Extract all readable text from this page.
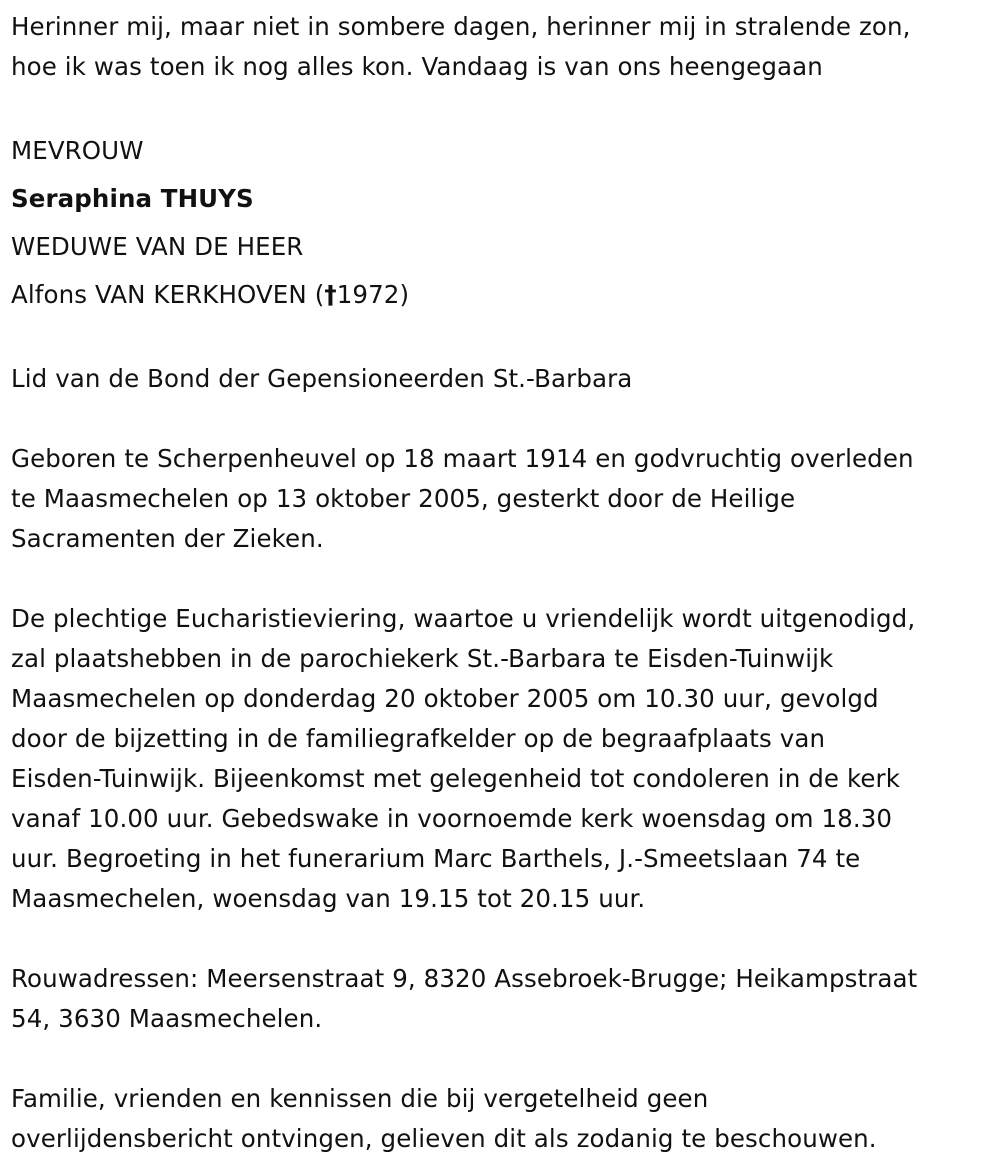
Herinner mij, maar niet in sombere dagen, herinner mij in stralende zon,

hoe ik was toen ik nog alles kon. Vandaag is van ons heengegaan

MEVROUW

Seraphina THUYS

WEDUWE VAN DE HEER

Alfons VAN KERKHOVEN (†1972)

Lid van de Bond der Gepensioneerden St.-Barbara

Geboren te Scherpenheuvel op 18 maart 1914 en godvruchtig overleden

te Maasmechelen op 13 oktober 2005, gesterkt door de Heilige

Sacramenten der Zieken.

De plechtige Eucharistieviering, waartoe u vriendelijk wordt uitgenodigd,

zal plaatshebben in de parochiekerk St.-Barbara te Eisden-Tuinwijk

Maasmechelen op donderdag 20 oktober 2005 om 10.30 uur, gevolgd

door de bijzetting in de familiegrafkelder op de begraafplaats van

Eisden-Tuinwijk. Bijeenkomst met gelegenheid tot condoleren in de kerk

vanaf 10.00 uur. Gebedswake in voornoemde kerk woensdag om 18.30

uur. Begroeting in het funerarium Marc Barthels, J.-Smeetslaan 74 te

Maasmechelen, woensdag van 19.15 tot 20.15 uur.

Rouwadressen: Meersenstraat 9, 8320 Assebroek-Brugge; Heikampstraat

54, 3630 Maasmechelen.

Familie, vrienden en kennissen die bij vergetelheid geen

overlijdensbericht ontvingen, gelieven dit als zodanig te beschouwen.
